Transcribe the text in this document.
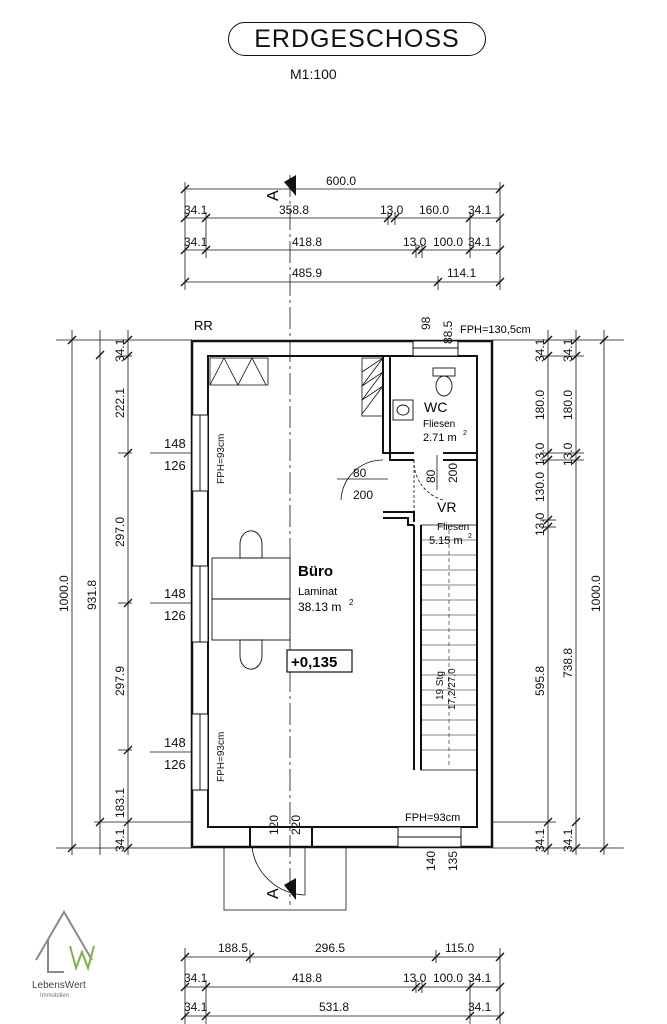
ERDGESCHOSS
M1:100
600.0
34.1	358.8	13.0 160.0 34.1
34.1	418.8	13.0 100.0 34.1
485.9	114.1
A
A
1000.0 931.8
34.1
222.1
297.0
297.9
183.1
34.1
34.1
180.0
13.0
130.0
13.0
595.8
34.1
34.1
180.0
13.0
738.8
34.1
1000.0
148
126
148
126
148
126
FPH=93cm
FPH=93cm
80
200
80 200
19 Stg 17,2/27,0
120 220
140 135
98 88.5
RR	FPH=130,5cm
FPH=93cm
Büro
Laminat
38.13 m 2
WC
Fliesen
2.71 m 2
VR
Fliesen
5.15 m 2
+0,135
188.5	296.5	115.0
34.1	418.8	13.0 100.0 34.1
34.1	531.8	34.1
LebensWert
Immobilien
